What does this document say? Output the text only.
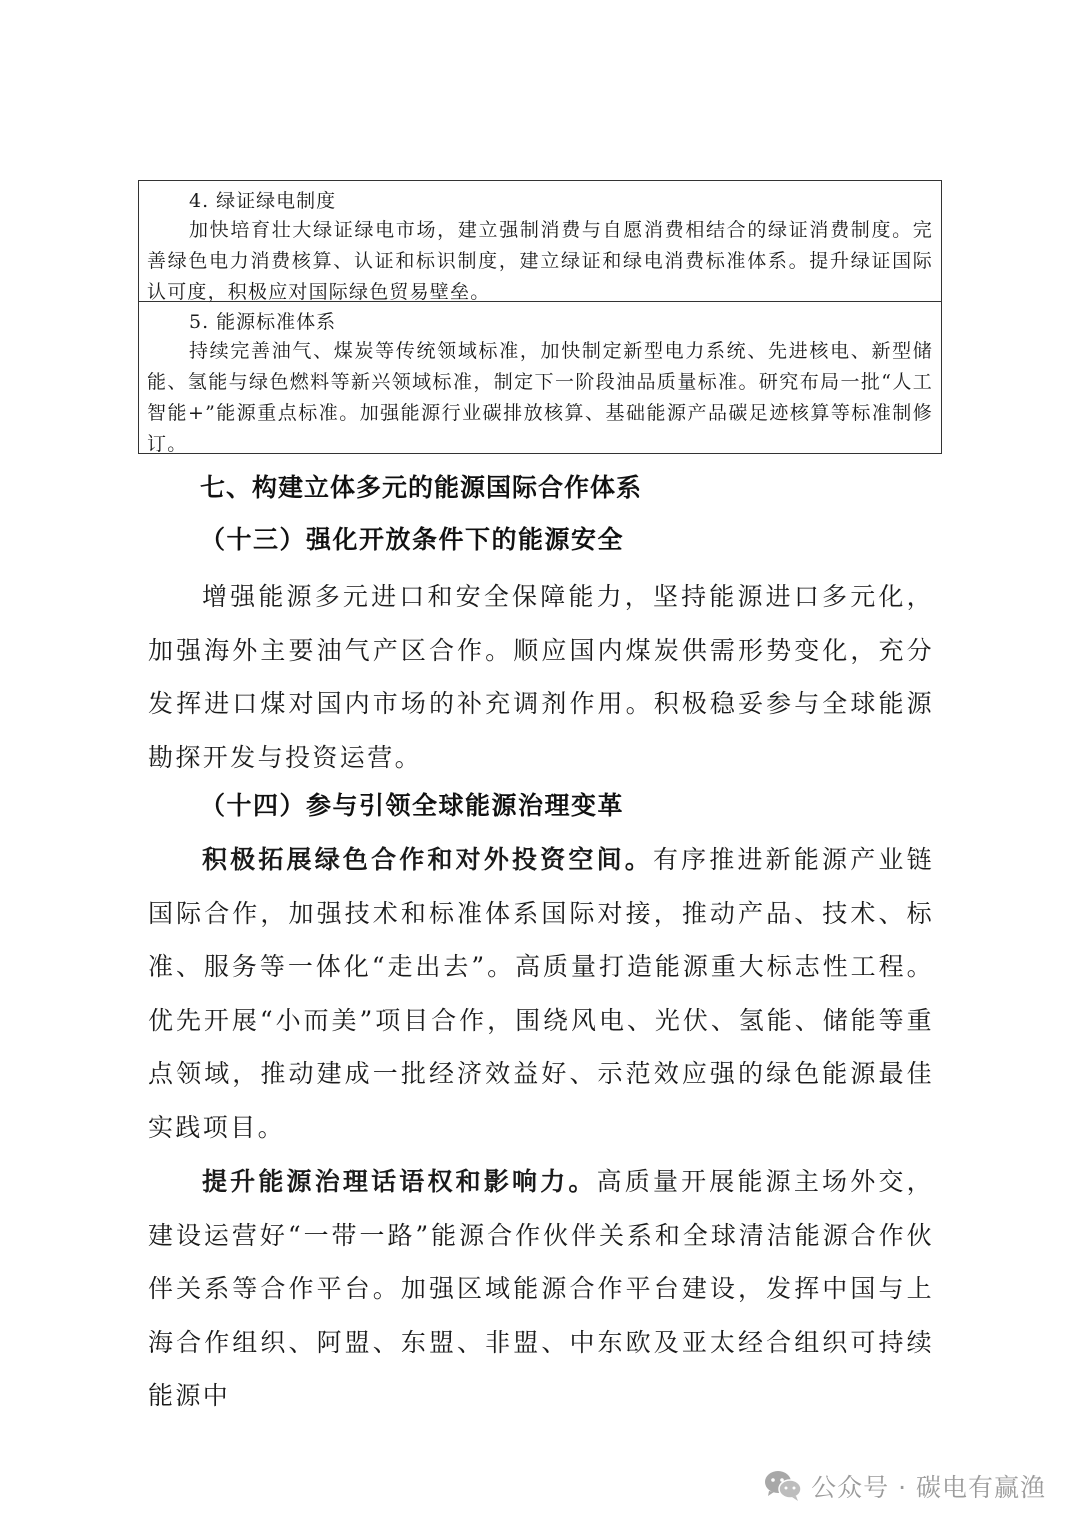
4. 绿证绿电制度
加快培育壮大绿证绿电市场，建立强制消费与自愿消费相结合的绿证消费制度。完善绿色电力消费核算、认证和标识制度，建立绿证和绿电消费标准体系。提升绿证国际认可度，积极应对国际绿色贸易壁垒。
5. 能源标准体系
持续完善油气、煤炭等传统领域标准，加快制定新型电力系统、先进核电、新型储能、氢能与绿色燃料等新兴领域标准，制定下一阶段油品质量标准。研究布局一批“人工智能+”能源重点标准。加强能源行业碳排放核算、基础能源产品碳足迹核算等标准制修订。
七、构建立体多元的能源国际合作体系
（十三）强化开放条件下的能源安全
增强能源多元进口和安全保障能力，坚持能源进口多元化，加强海外主要油气产区合作。顺应国内煤炭供需形势变化，充分发挥进口煤对国内市场的补充调剂作用。积极稳妥参与全球能源勘探开发与投资运营。
（十四）参与引领全球能源治理变革
积极拓展绿色合作和对外投资空间。有序推进新能源产业链国际合作，加强技术和标准体系国际对接，推动产品、技术、标准、服务等一体化“走出去”。高质量打造能源重大标志性工程。优先开展“小而美”项目合作，围绕风电、光伏、氢能、储能等重点领域，推动建成一批经济效益好、示范效应强的绿色能源最佳实践项目。
提升能源治理话语权和影响力。高质量开展能源主场外交，建设运营好“一带一路”能源合作伙伴关系和全球清洁能源合作伙伴关系等合作平台。加强区域能源合作平台建设，发挥中国与上海合作组织、阿盟、东盟、非盟、中东欧及亚太经合组织可持续能源中
公众号 · 碳电有赢渔
